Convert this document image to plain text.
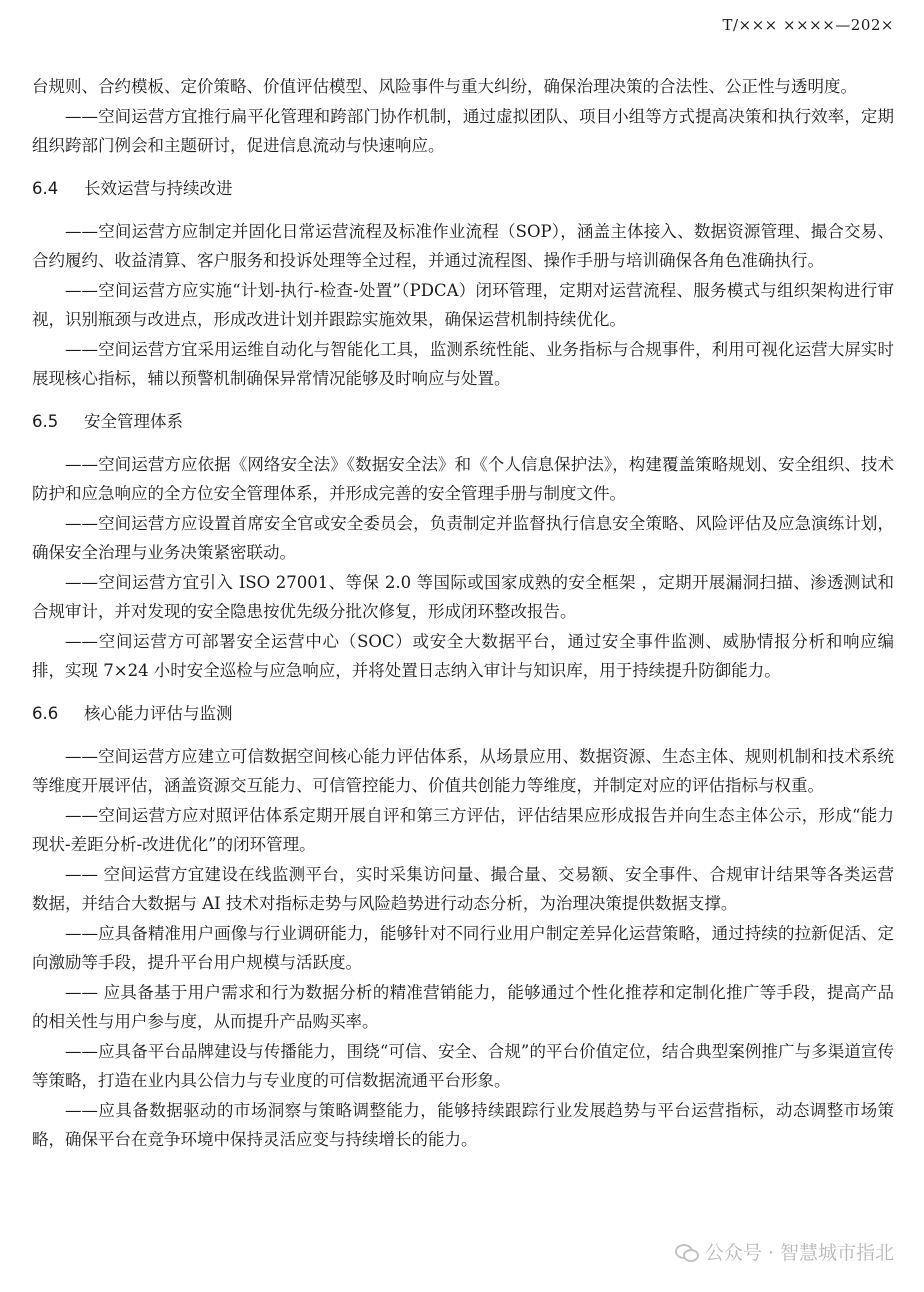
T/××× ××××—202×

台规则、合约模板、定价策略、价值评估模型、风险事件与重大纠纷，确保治理决策的合法性、公正性与透明度。

——空间运营方宜推行扁平化管理和跨部门协作机制，通过虚拟团队、项目小组等方式提高决策和执行效率，定期组织跨部门例会和主题研讨，促进信息流动与快速响应。

6.4 长效运营与持续改进

——空间运营方应制定并固化日常运营流程及标准作业流程（SOP），涵盖主体接入、数据资源管理、撮合交易、合约履约、收益清算、客户服务和投诉处理等全过程，并通过流程图、操作手册与培训确保各角色准确执行。

——空间运营方应实施“计划-执行-检查-处置”（PDCA）闭环管理，定期对运营流程、服务模式与组织架构进行审视，识别瓶颈与改进点，形成改进计划并跟踪实施效果，确保运营机制持续优化。

——空间运营方宜采用运维自动化与智能化工具，监测系统性能、业务指标与合规事件，利用可视化运营大屏实时展现核心指标，辅以预警机制确保异常情况能够及时响应与处置。

6.5 安全管理体系

——空间运营方应依据《网络安全法》《数据安全法》和《个人信息保护法》，构建覆盖策略规划、安全组织、技术防护和应急响应的全方位安全管理体系，并形成完善的安全管理手册与制度文件。

——空间运营方应设置首席安全官或安全委员会，负责制定并监督执行信息安全策略、风险评估及应急演练计划，确保安全治理与业务决策紧密联动。

——空间运营方宜引入 ISO 27001、等保 2.0 等国际或国家成熟的安全框架 ，定期开展漏洞扫描、渗透测试和合规审计，并对发现的安全隐患按优先级分批次修复，形成闭环整改报告。

——空间运营方可部署安全运营中心（SOC）或安全大数据平台，通过安全事件监测、威胁情报分析和响应编排，实现 7×24 小时安全巡检与应急响应，并将处置日志纳入审计与知识库，用于持续提升防御能力。

6.6 核心能力评估与监测

——空间运营方应建立可信数据空间核心能力评估体系，从场景应用、数据资源、生态主体、规则机制和技术系统等维度开展评估，涵盖资源交互能力、可信管控能力、价值共创能力等维度，并制定对应的评估指标与权重。

——空间运营方应对照评估体系定期开展自评和第三方评估，评估结果应形成报告并向生态主体公示，形成“能力现状-差距分析-改进优化”的闭环管理。

—— 空间运营方宜建设在线监测平台，实时采集访问量、撮合量、交易额、安全事件、合规审计结果等各类运营数据，并结合大数据与 AI 技术对指标走势与风险趋势进行动态分析，为治理决策提供数据支撑。

——应具备精准用户画像与行业调研能力，能够针对不同行业用户制定差异化运营策略，通过持续的拉新促活、定向激励等手段，提升平台用户规模与活跃度。

—— 应具备基于用户需求和行为数据分析的精准营销能力，能够通过个性化推荐和定制化推广等手段，提高产品的相关性与用户参与度，从而提升产品购买率。

——应具备平台品牌建设与传播能力，围绕“可信、安全、合规”的平台价值定位，结合典型案例推广与多渠道宣传等策略，打造在业内具公信力与专业度的可信数据流通平台形象。

——应具备数据驱动的市场洞察与策略调整能力，能够持续跟踪行业发展趋势与平台运营指标，动态调整市场策略，确保平台在竞争环境中保持灵活应变与持续增长的能力。

公众号 · 智慧城市指北
